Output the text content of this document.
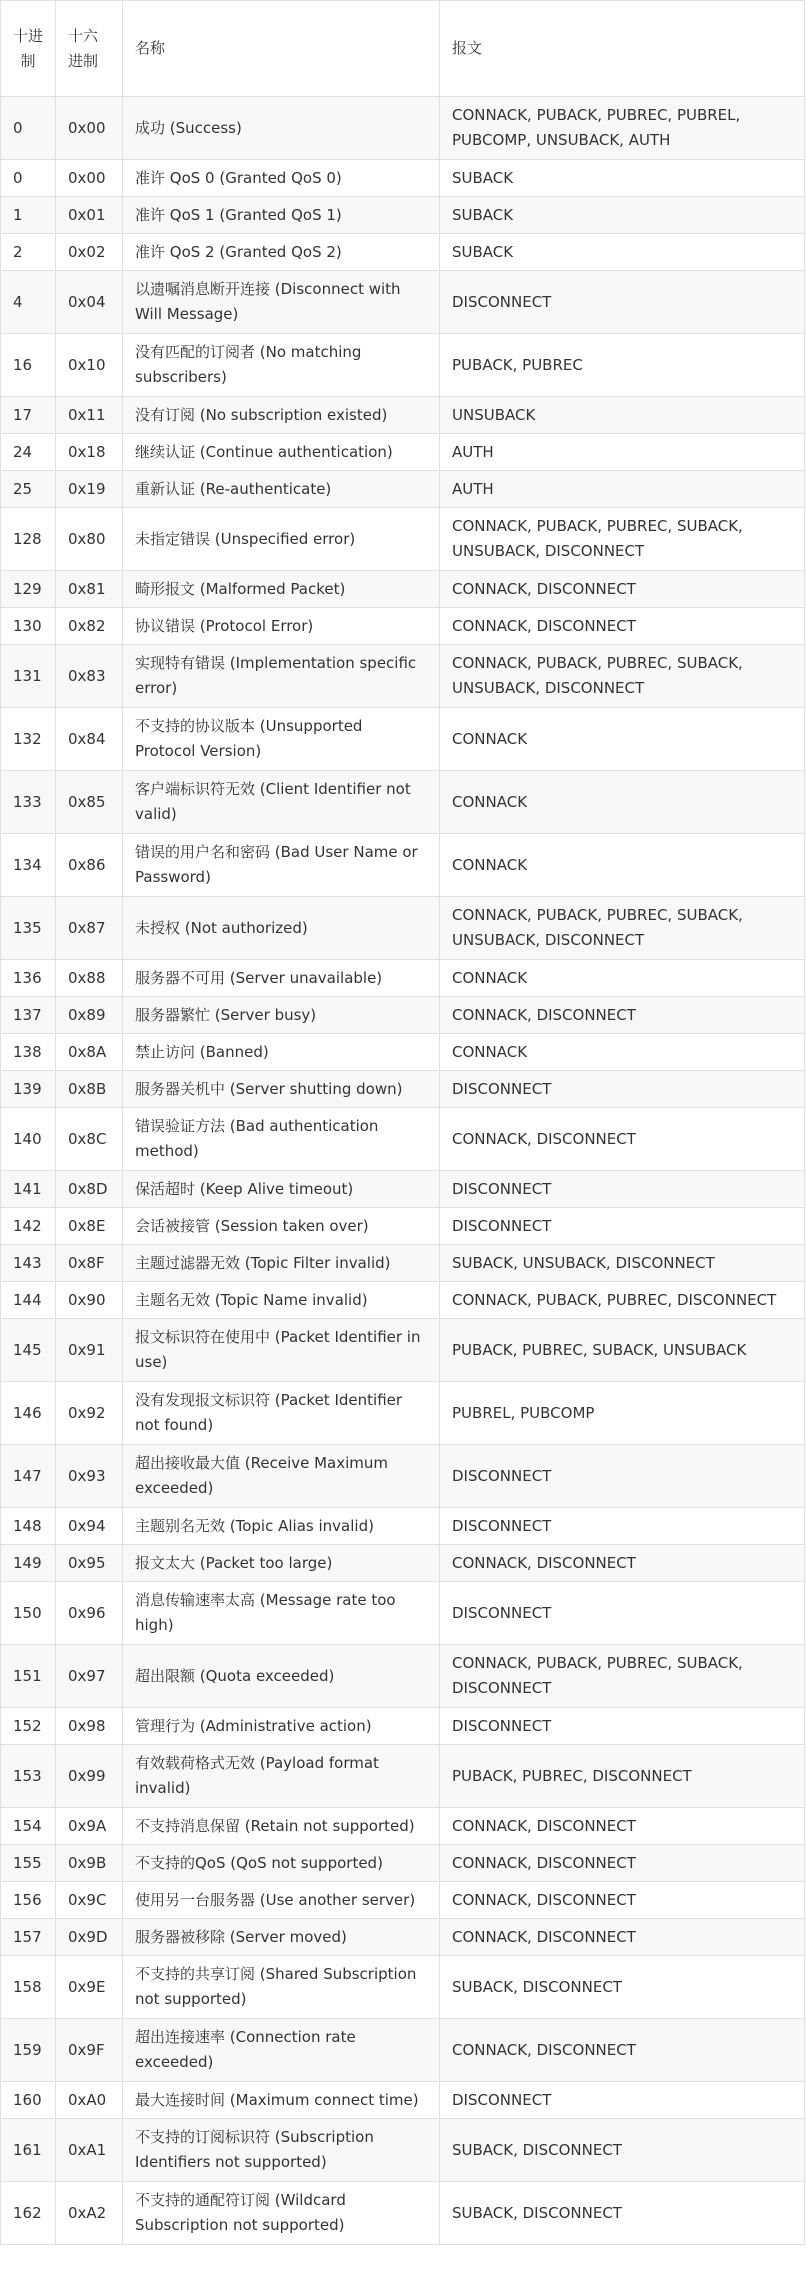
十进制	十六进制	名称	报文
0	0x00	成功 (Success)	CONNACK, PUBACK, PUBREC, PUBREL, PUBCOMP, UNSUBACK, AUTH
0	0x00	准许 QoS 0 (Granted QoS 0)	SUBACK
1	0x01	准许 QoS 1 (Granted QoS 1)	SUBACK
2	0x02	准许 QoS 2 (Granted QoS 2)	SUBACK
4	0x04	以遗嘱消息断开连接 (Disconnect with Will Message)	DISCONNECT
16	0x10	没有匹配的订阅者 (No matching subscribers)	PUBACK, PUBREC
17	0x11	没有订阅 (No subscription existed)	UNSUBACK
24	0x18	继续认证 (Continue authentication)	AUTH
25	0x19	重新认证 (Re-authenticate)	AUTH
128	0x80	未指定错误 (Unspecified error)	CONNACK, PUBACK, PUBREC, SUBACK, UNSUBACK, DISCONNECT
129	0x81	畸形报文 (Malformed Packet)	CONNACK, DISCONNECT
130	0x82	协议错误 (Protocol Error)	CONNACK, DISCONNECT
131	0x83	实现特有错误 (Implementation specific error)	CONNACK, PUBACK, PUBREC, SUBACK, UNSUBACK, DISCONNECT
132	0x84	不支持的协议版本 (Unsupported Protocol Version)	CONNACK
133	0x85	客户端标识符无效 (Client Identifier not valid)	CONNACK
134	0x86	错误的用户名和密码 (Bad User Name or Password)	CONNACK
135	0x87	未授权 (Not authorized)	CONNACK, PUBACK, PUBREC, SUBACK, UNSUBACK, DISCONNECT
136	0x88	服务器不可用 (Server unavailable)	CONNACK
137	0x89	服务器繁忙 (Server busy)	CONNACK, DISCONNECT
138	0x8A	禁止访问 (Banned)	CONNACK
139	0x8B	服务器关机中 (Server shutting down)	DISCONNECT
140	0x8C	错误验证方法 (Bad authentication method)	CONNACK, DISCONNECT
141	0x8D	保活超时 (Keep Alive timeout)	DISCONNECT
142	0x8E	会话被接管 (Session taken over)	DISCONNECT
143	0x8F	主题过滤器无效 (Topic Filter invalid)	SUBACK, UNSUBACK, DISCONNECT
144	0x90	主题名无效 (Topic Name invalid)	CONNACK, PUBACK, PUBREC, DISCONNECT
145	0x91	报文标识符在使用中 (Packet Identifier in use)	PUBACK, PUBREC, SUBACK, UNSUBACK
146	0x92	没有发现报文标识符 (Packet Identifier not found)	PUBREL, PUBCOMP
147	0x93	超出接收最大值 (Receive Maximum exceeded)	DISCONNECT
148	0x94	主题别名无效 (Topic Alias invalid)	DISCONNECT
149	0x95	报文太大 (Packet too large)	CONNACK, DISCONNECT
150	0x96	消息传输速率太高 (Message rate too high)	DISCONNECT
151	0x97	超出限额 (Quota exceeded)	CONNACK, PUBACK, PUBREC, SUBACK, DISCONNECT
152	0x98	管理行为 (Administrative action)	DISCONNECT
153	0x99	有效载荷格式无效 (Payload format invalid)	PUBACK, PUBREC, DISCONNECT
154	0x9A	不支持消息保留 (Retain not supported)	CONNACK, DISCONNECT
155	0x9B	不支持的QoS (QoS not supported)	CONNACK, DISCONNECT
156	0x9C	使用另一台服务器 (Use another server)	CONNACK, DISCONNECT
157	0x9D	服务器被移除 (Server moved)	CONNACK, DISCONNECT
158	0x9E	不支持的共享订阅 (Shared Subscription not supported)	SUBACK, DISCONNECT
159	0x9F	超出连接速率 (Connection rate exceeded)	CONNACK, DISCONNECT
160	0xA0	最大连接时间 (Maximum connect time)	DISCONNECT
161	0xA1	不支持的订阅标识符 (Subscription Identifiers not supported)	SUBACK, DISCONNECT
162	0xA2	不支持的通配符订阅 (Wildcard Subscription not supported)	SUBACK, DISCONNECT
